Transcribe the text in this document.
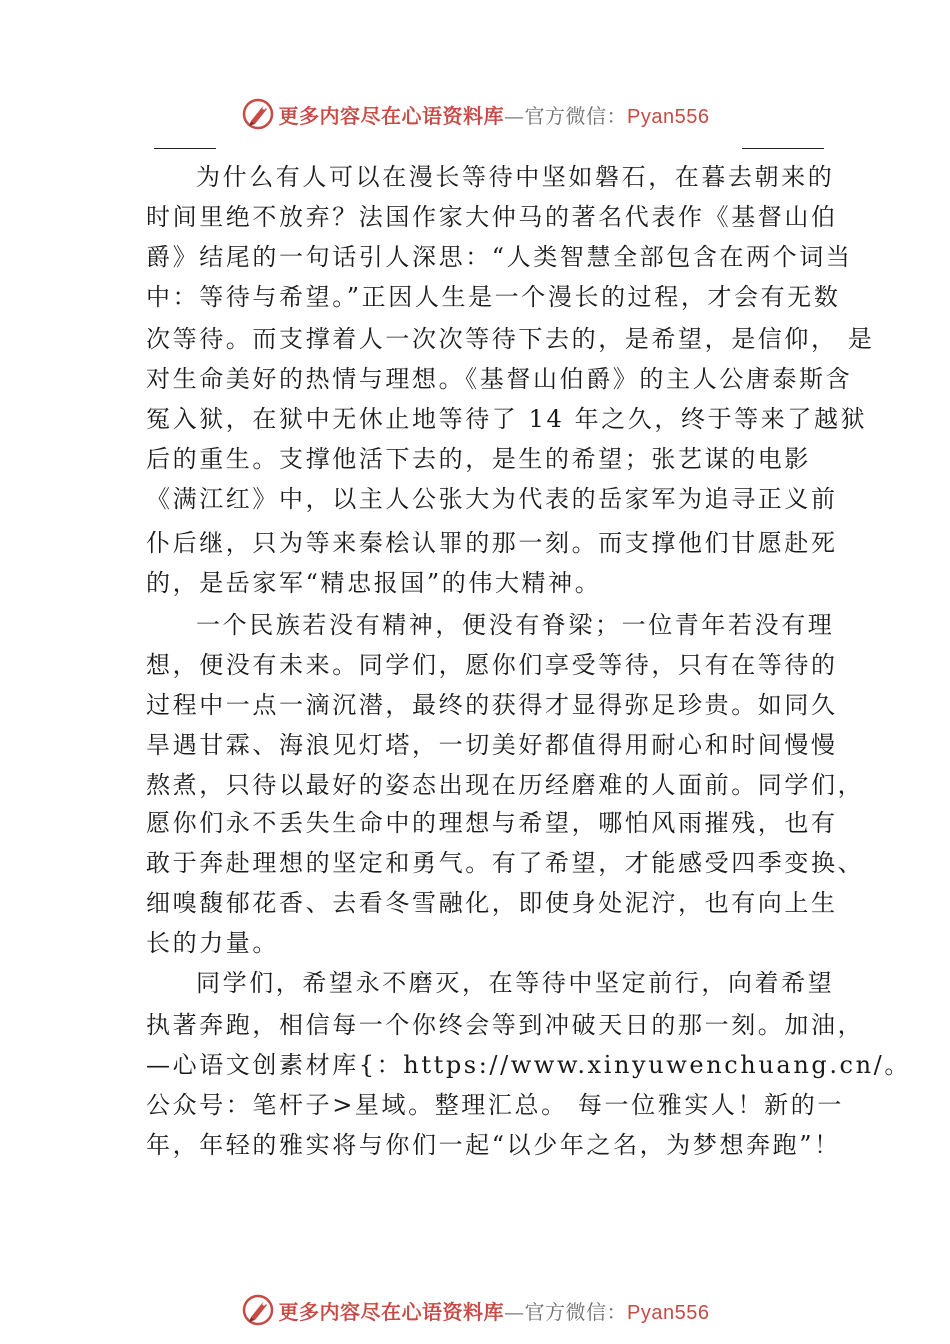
更多内容尽在心语资料库—官方微信：Pyan556
为什么有人可以在漫长等待中坚如磐石，在暮去朝来的
时间里绝不放弃？法国作家大仲马的著名代表作《基督山伯
爵》结尾的一句话引人深思：“人类智慧全部包含在两个词当
中：等待与希望。”正因人生是一个漫长的过程，才会有无数
次等待。而支撑着人一次次等待下去的，是希望，是信仰， 是
对生命美好的热情与理想。《基督山伯爵》的主人公唐泰斯含
冤入狱，在狱中无休止地等待了 14 年之久，终于等来了越狱
后的重生。支撑他活下去的，是生的希望；张艺谋的电影
《满江红》中，以主人公张大为代表的岳家军为追寻正义前
仆后继，只为等来秦桧认罪的那一刻。而支撑他们甘愿赴死
的，是岳家军“精忠报国”的伟大精神。
一个民族若没有精神，便没有脊梁；一位青年若没有理
想，便没有未来。同学们，愿你们享受等待，只有在等待的
过程中一点一滴沉潜，最终的获得才显得弥足珍贵。如同久
旱遇甘霖、海浪见灯塔，一切美好都值得用耐心和时间慢慢
熬煮，只待以最好的姿态出现在历经磨难的人面前。同学们，
愿你们永不丢失生命中的理想与希望，哪怕风雨摧残，也有
敢于奔赴理想的坚定和勇气。有了希望，才能感受四季变换、
细嗅馥郁花香、去看冬雪融化，即使身处泥泞，也有向上生
长的力量。
同学们，希望永不磨灭，在等待中坚定前行，向着希望
执著奔跑，相信每一个你终会等到冲破天日的那一刻。加油，
—心语文创素材库{：https://www.xinyuwenchuang.cn/。
公众号：笔杆子>星域。整理汇总。 每一位雅实人！新的一
年，年轻的雅实将与你们一起“以少年之名，为梦想奔跑”！
更多内容尽在心语资料库—官方微信：Pyan556
